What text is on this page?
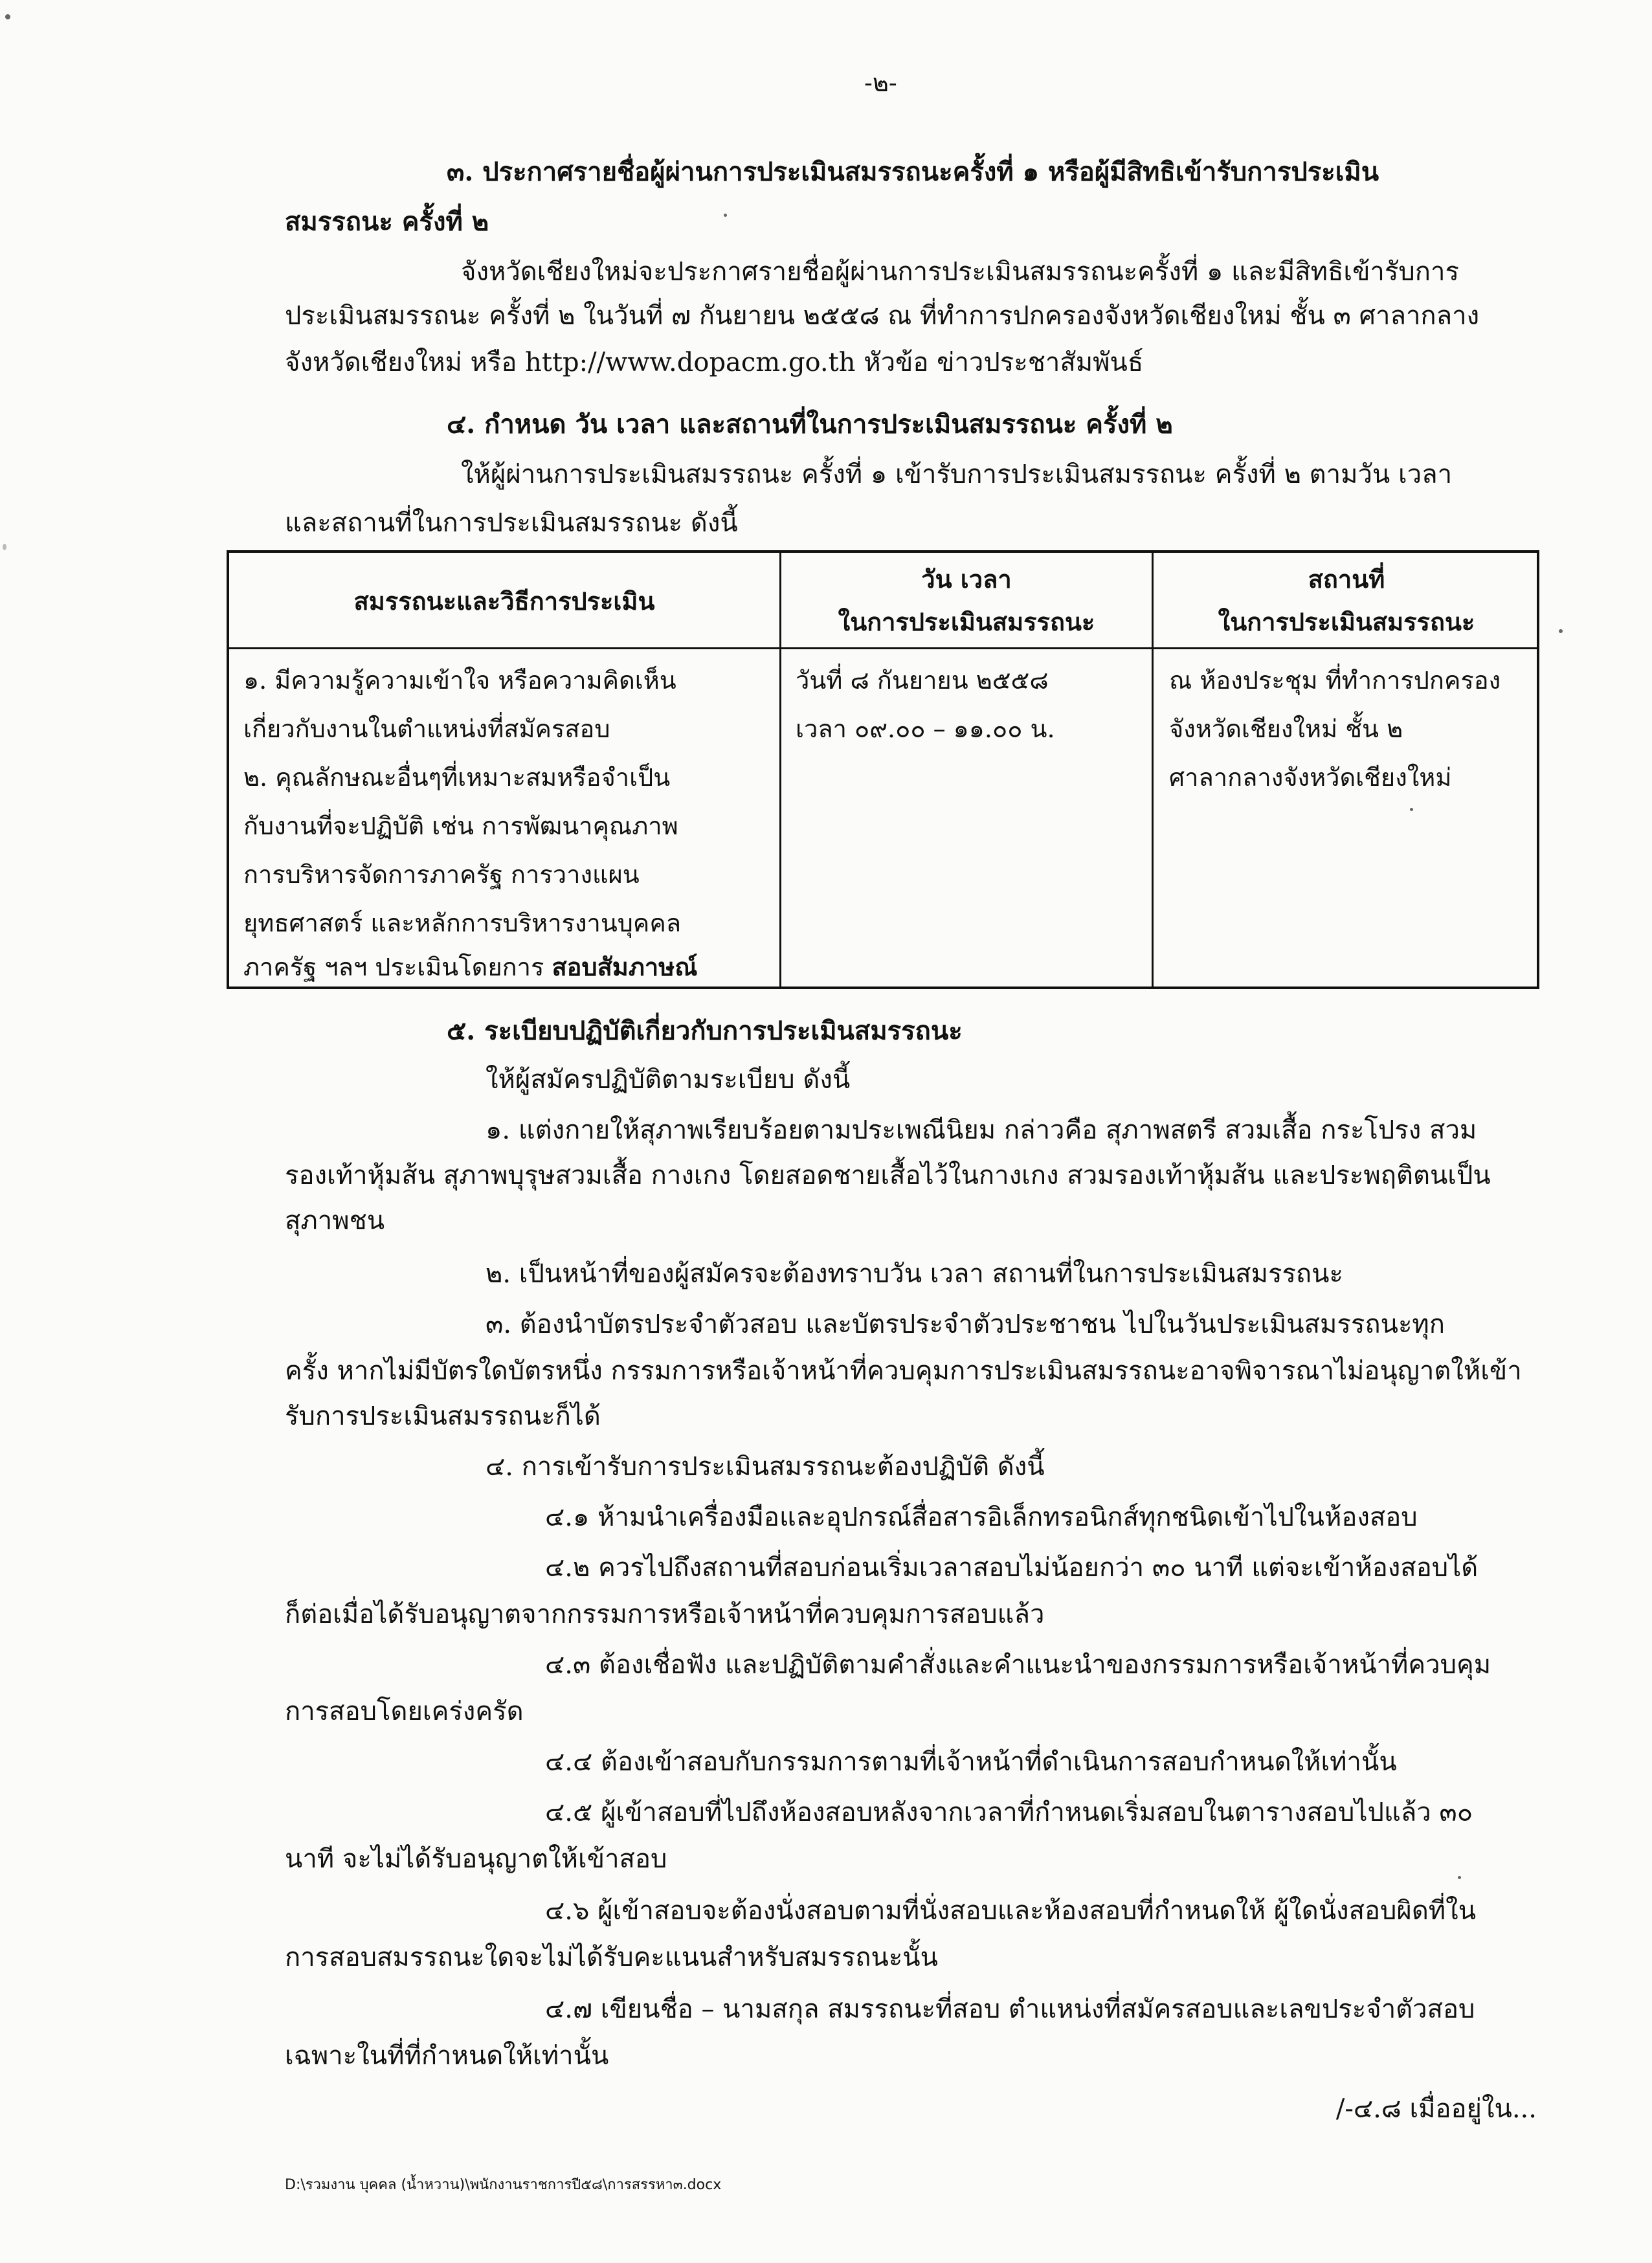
-๒-
๓. ประกาศรายชื่อผู้ผ่านการประเมินสมรรถนะครั้งที่ ๑ หรือผู้มีสิทธิเข้ารับการประเมิน
สมรรถนะ ครั้งที่ ๒
จังหวัดเชียงใหม่จะประกาศรายชื่อผู้ผ่านการประเมินสมรรถนะครั้งที่ ๑ และมีสิทธิเข้ารับการ
ประเมินสมรรถนะ ครั้งที่ ๒ ในวันที่ ๗ กันยายน ๒๕๕๘ ณ ที่ทำการปกครองจังหวัดเชียงใหม่ ชั้น ๓ ศาลากลาง
จังหวัดเชียงใหม่ หรือ http://www.dopacm.go.th หัวข้อ ข่าวประชาสัมพันธ์
๔. กำหนด วัน เวลา และสถานที่ในการประเมินสมรรถนะ ครั้งที่ ๒
ให้ผู้ผ่านการประเมินสมรรถนะ ครั้งที่ ๑ เข้ารับการประเมินสมรรถนะ ครั้งที่ ๒ ตามวัน เวลา
และสถานที่ในการประเมินสมรรถนะ ดังนี้
สมรรถนะและวิธีการประเมิน
วัน เวลา
ในการประเมินสมรรถนะ
สถานที่
ในการประเมินสมรรถนะ
๑. มีความรู้ความเข้าใจ หรือความคิดเห็น
เกี่ยวกับงานในตำแหน่งที่สมัครสอบ
๒. คุณลักษณะอื่นๆที่เหมาะสมหรือจำเป็น
กับงานที่จะปฏิบัติ เช่น การพัฒนาคุณภาพ
การบริหารจัดการภาครัฐ การวางแผน
ยุทธศาสตร์ และหลักการบริหารงานบุคคล
ภาครัฐ ฯลฯ ประเมินโดยการ สอบสัมภาษณ์
วันที่ ๘ กันยายน ๒๕๕๘
เวลา ๐๙.๐๐ – ๑๑.๐๐ น.
ณ ห้องประชุม ที่ทำการปกครอง
จังหวัดเชียงใหม่ ชั้น ๒
ศาลากลางจังหวัดเชียงใหม่
๕. ระเบียบปฏิบัติเกี่ยวกับการประเมินสมรรถนะ
ให้ผู้สมัครปฏิบัติตามระเบียบ ดังนี้
๑. แต่งกายให้สุภาพเรียบร้อยตามประเพณีนิยม กล่าวคือ สุภาพสตรี สวมเสื้อ กระโปรง สวม
รองเท้าหุ้มส้น สุภาพบุรุษสวมเสื้อ กางเกง โดยสอดชายเสื้อไว้ในกางเกง สวมรองเท้าหุ้มส้น และประพฤติตนเป็น
สุภาพชน
๒. เป็นหน้าที่ของผู้สมัครจะต้องทราบวัน เวลา สถานที่ในการประเมินสมรรถนะ
๓. ต้องนำบัตรประจำตัวสอบ และบัตรประจำตัวประชาชน ไปในวันประเมินสมรรถนะทุก
ครั้ง หากไม่มีบัตรใดบัตรหนึ่ง กรรมการหรือเจ้าหน้าที่ควบคุมการประเมินสมรรถนะอาจพิจารณาไม่อนุญาตให้เข้า
รับการประเมินสมรรถนะก็ได้
๔. การเข้ารับการประเมินสมรรถนะต้องปฏิบัติ ดังนี้
๔.๑ ห้ามนำเครื่องมือและอุปกรณ์สื่อสารอิเล็กทรอนิกส์ทุกชนิดเข้าไปในห้องสอบ
๔.๒ ควรไปถึงสถานที่สอบก่อนเริ่มเวลาสอบไม่น้อยกว่า ๓๐ นาที แต่จะเข้าห้องสอบได้
ก็ต่อเมื่อได้รับอนุญาตจากกรรมการหรือเจ้าหน้าที่ควบคุมการสอบแล้ว
๔.๓ ต้องเชื่อฟัง และปฏิบัติตามคำสั่งและคำแนะนำของกรรมการหรือเจ้าหน้าที่ควบคุม
การสอบโดยเคร่งครัด
๔.๔ ต้องเข้าสอบกับกรรมการตามที่เจ้าหน้าที่ดำเนินการสอบกำหนดให้เท่านั้น
๔.๕ ผู้เข้าสอบที่ไปถึงห้องสอบหลังจากเวลาที่กำหนดเริ่มสอบในตารางสอบไปแล้ว ๓๐
นาที จะไม่ได้รับอนุญาตให้เข้าสอบ
๔.๖ ผู้เข้าสอบจะต้องนั่งสอบตามที่นั่งสอบและห้องสอบที่กำหนดให้ ผู้ใดนั่งสอบผิดที่ใน
การสอบสมรรถนะใดจะไม่ได้รับคะแนนสำหรับสมรรถนะนั้น
๔.๗ เขียนชื่อ – นามสกุล สมรรถนะที่สอบ ตำแหน่งที่สมัครสอบและเลขประจำตัวสอบ
เฉพาะในที่ที่กำหนดให้เท่านั้น
/-๔.๘ เมื่ออยู่ใน...
D:\รวมงาน บุคคล (น้ำหวาน)\พนักงานราชการปี๕๘\การสรรหา๓.docx
